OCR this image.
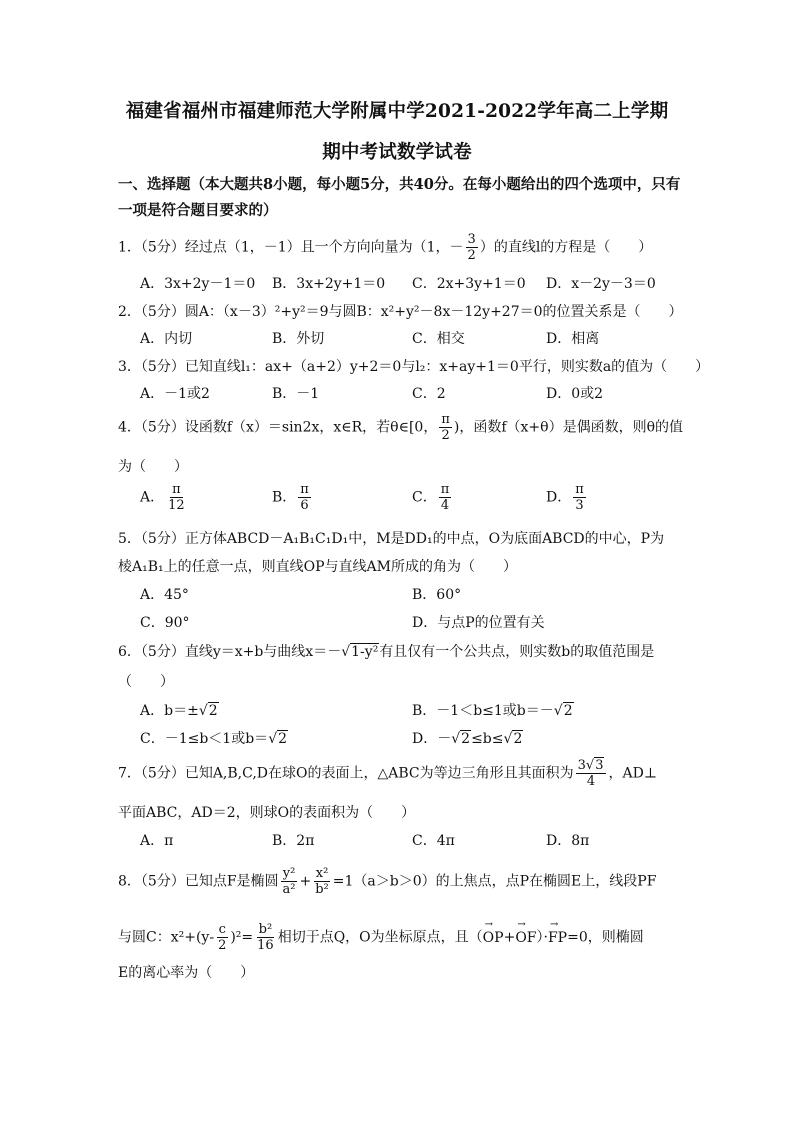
福建省福州市福建师范大学附属中学2021-2022学年高二上学期
期中考试数学试卷
一、选择题（本大题共8小题，每小题5分，共40分。在每小题给出的四个选项中，只有一项是符合题目要求的）
1．（5分）经过点（1，－1）且一个方向向量为（1，－ $\frac{3}{2}$ ）的直线l的方程是（　　）
A．3x+2y－1＝0 B．3x+2y+1＝0 C．2x+3y+1＝0 D．x－2y－3＝0
2．（5分）圆A：（x－3）²+y²＝9与圆B：x²+y²－8x－12y+27＝0的位置关系是（　　）
A．内切	B．外切	C．相交	D．相离
3．（5分）已知直线l₁：ax+（a+2）y+2＝0与l₂：x+ay+1＝0平行，则实数a的值为（　　）
A．－1或2	B．－1	C．2	D．0或2
4．（5分）设函数f（x）＝sin2x，x∈R，若θ∈[0， $\frac{\pi}{2}$ )，函数f（x+θ）是偶函数，则θ的值
为（　　）
A． $\frac{\pi}{12}$	B． $\frac{\pi}{6}$	C． $\frac{\pi}{4}$	D． $\frac{\pi}{3}$
5．（5分）正方体ABCD－A₁B₁C₁D₁中，M是DD₁的中点，O为底面ABCD的中心，P为
棱A₁B₁上的任意一点，则直线OP与直线AM所成的角为（　　）
A．45°	B．60°
C．90°	D．与点P的位置有关
6．（5分）直线y＝x+b与曲线x＝－√1-y²有且仅有一个公共点，则实数b的取值范围是
（　　）
A．b＝±√2	B．－1＜b≤1或b＝－√2
C．－1≤b＜1或b＝√2	D．－√2≤b≤√2
7．（5分）已知A,B,C,D在球O的表面上，△ABC为等边三角形且其面积为 $\frac{3√3}{4}$ ，AD⊥
平面ABC，AD＝2，则球O的表面积为（　　）
A．π	B．2π	C．4π	D．8π
8．（5分）已知点F是椭圆 $\frac{\text{y²}}{\text{a²}} + \frac{\text{x²}}{\text{b²}} =1(a>b>0)$的上焦点，点P在椭圆E上，线段PF
与圆C：$x^2+(y- \frac{c}{2} )^2= \frac{\text{b²}}{16}$ 相切于点Q，O为坐标原点，且（→ OP+→ OF）·→ FP=0，则椭圆
E的离心率为（　　）
